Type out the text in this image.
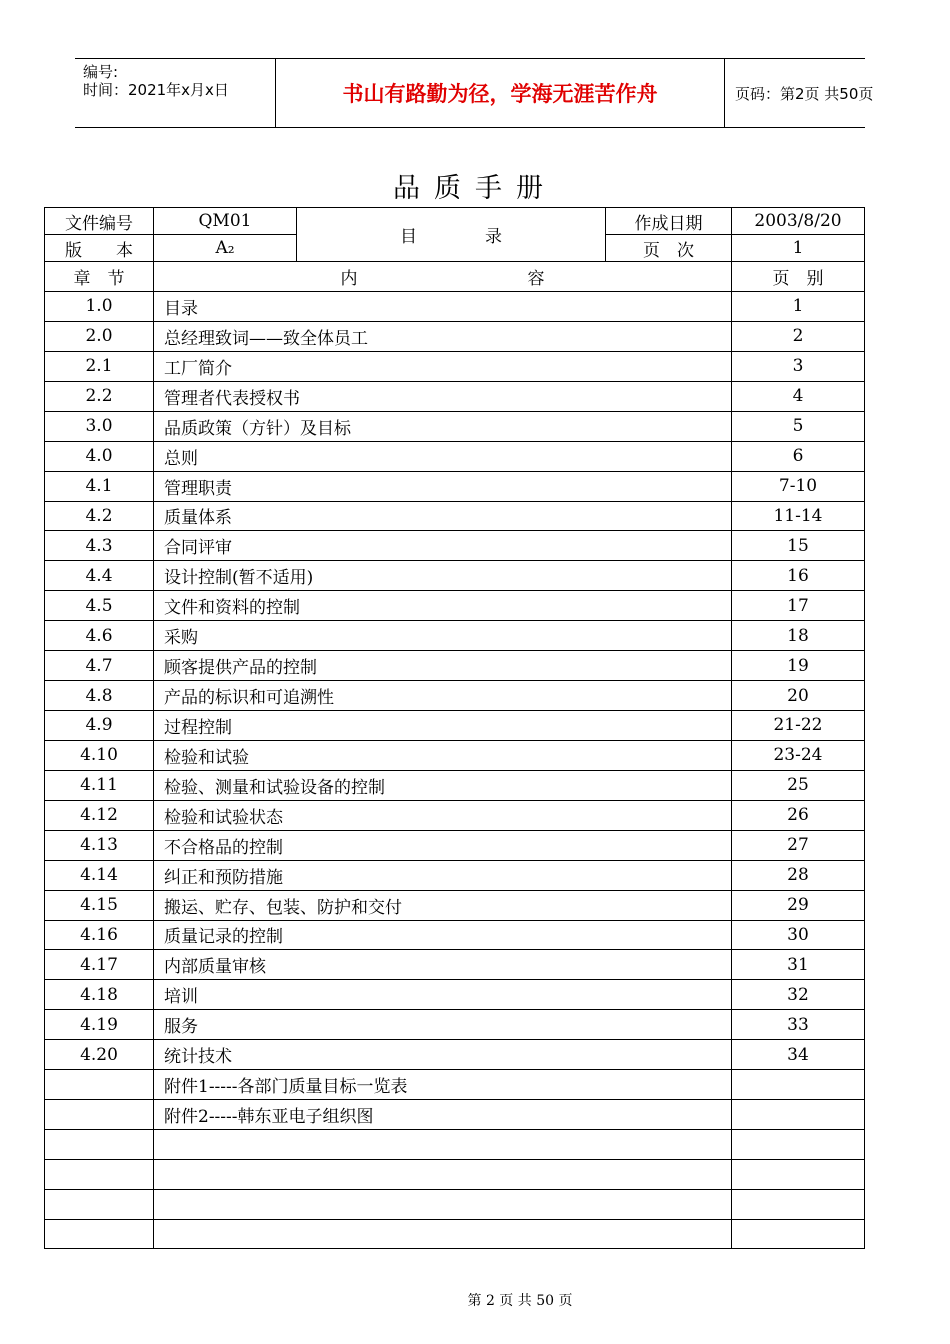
编号:
时间：2021年x月x日	书山有路勤为径，学海无涯苦作舟	页码：第2页 共50页
品质手册
文件编号	QM01
版　　本	A₂
目　　　　录
作成日期	2003/8/20
页　次	1
章　节	内　　　　　　　　　　容	页　别
1.0	目录	1
2.0	总经理致词——致全体员工	2
2.1	工厂简介	3
2.2	管理者代表授权书	4
3.0	品质政策（方针）及目标	5
4.0	总则	6
4.1	管理职责	7-10
4.2	质量体系	11-14
4.3	合同评审	15
4.4	设计控制(暂不适用)	16
4.5	文件和资料的控制	17
4.6	采购	18
4.7	顾客提供产品的控制	19
4.8	产品的标识和可追溯性	20
4.9	过程控制	21-22
4.10	检验和试验	23-24
4.11	检验、测量和试验设备的控制	25
4.12	检验和试验状态	26
4.13	不合格品的控制	27
4.14	纠正和预防措施	28
4.15	搬运、贮存、包装、防护和交付	29
4.16	质量记录的控制	30
4.17	内部质量审核	31
4.18	培训	32
4.19	服务	33
4.20	统计技术	34
附件1-----各部门质量目标一览表
附件2-----韩东亚电子组织图
第 2 页 共 50 页
